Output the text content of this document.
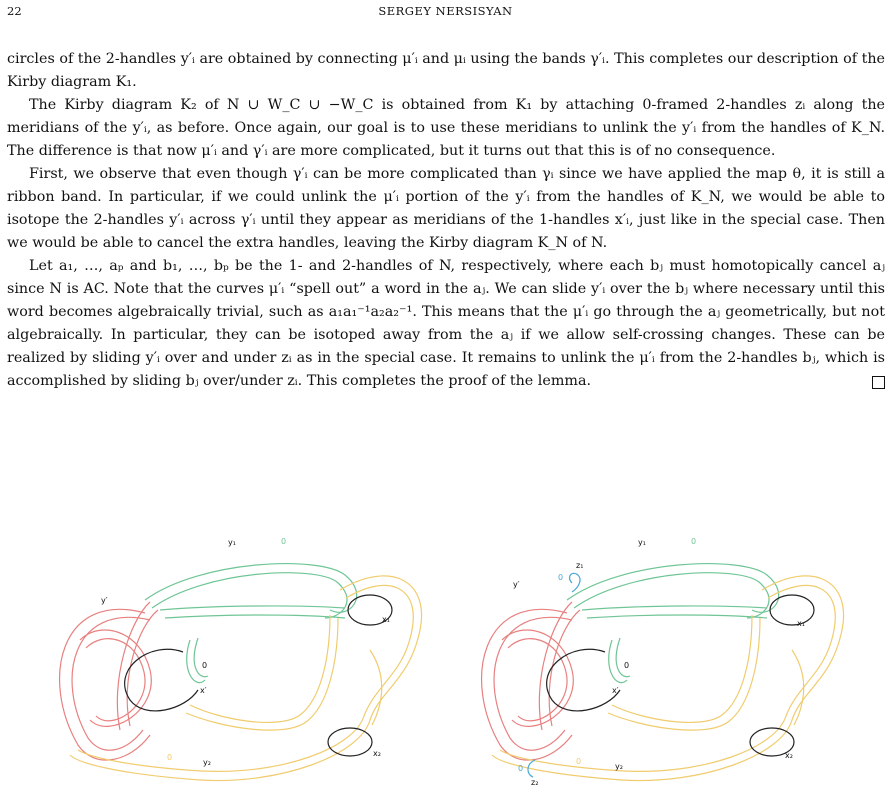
22	SERGEY NERSISYAN

circles of the 2-handles y′ᵢ are obtained by connecting μ′ᵢ and μᵢ using the bands γ′ᵢ. This completes our description of the Kirby diagram K₁.

The Kirby diagram K₂ of N ∪ W_C ∪ −W_C is obtained from K₁ by attaching 0-framed 2-handles zᵢ along the meridians of the y′ᵢ, as before. Once again, our goal is to use these meridians to unlink the y′ᵢ from the handles of K_N. The difference is that now μ′ᵢ and γ′ᵢ are more complicated, but it turns out that this is of no consequence.

First, we observe that even though γ′ᵢ can be more complicated than γᵢ since we have applied the map θ, it is still a ribbon band. In particular, if we could unlink the μ′ᵢ portion of the y′ᵢ from the handles of K_N, we would be able to isotope the 2-handles y′ᵢ across γ′ᵢ until they appear as meridians of the 1-handles x′ᵢ, just like in the special case. Then we would be able to cancel the extra handles, leaving the Kirby diagram K_N of N.

Let a₁, …, aₚ and b₁, …, bₚ be the 1- and 2-handles of N, respectively, where each bⱼ must homotopically cancel aⱼ since N is AC. Note that the curves μ′ᵢ “spell out” a word in the aⱼ. We can slide y′ᵢ over the bⱼ where necessary until this word becomes algebraically trivial, such as a₁a₁⁻¹a₂a₂⁻¹. This means that the μ′ᵢ go through the aⱼ geometrically, but not algebraically. In particular, they can be isotoped away from the aⱼ if we allow self-crossing changes. These can be realized by sliding y′ᵢ over and under zᵢ as in the special case. It remains to unlink the μ′ᵢ from the 2-handles bⱼ, which is accomplished by sliding bⱼ over/under zᵢ. This completes the proof of the lemma.

y′
y₁	0
x₁
0
x′
0
y₂
x₂
y′
y₁	0
0
z₁
x₁
0
x′
0
y₂
x₂
0
z₂
